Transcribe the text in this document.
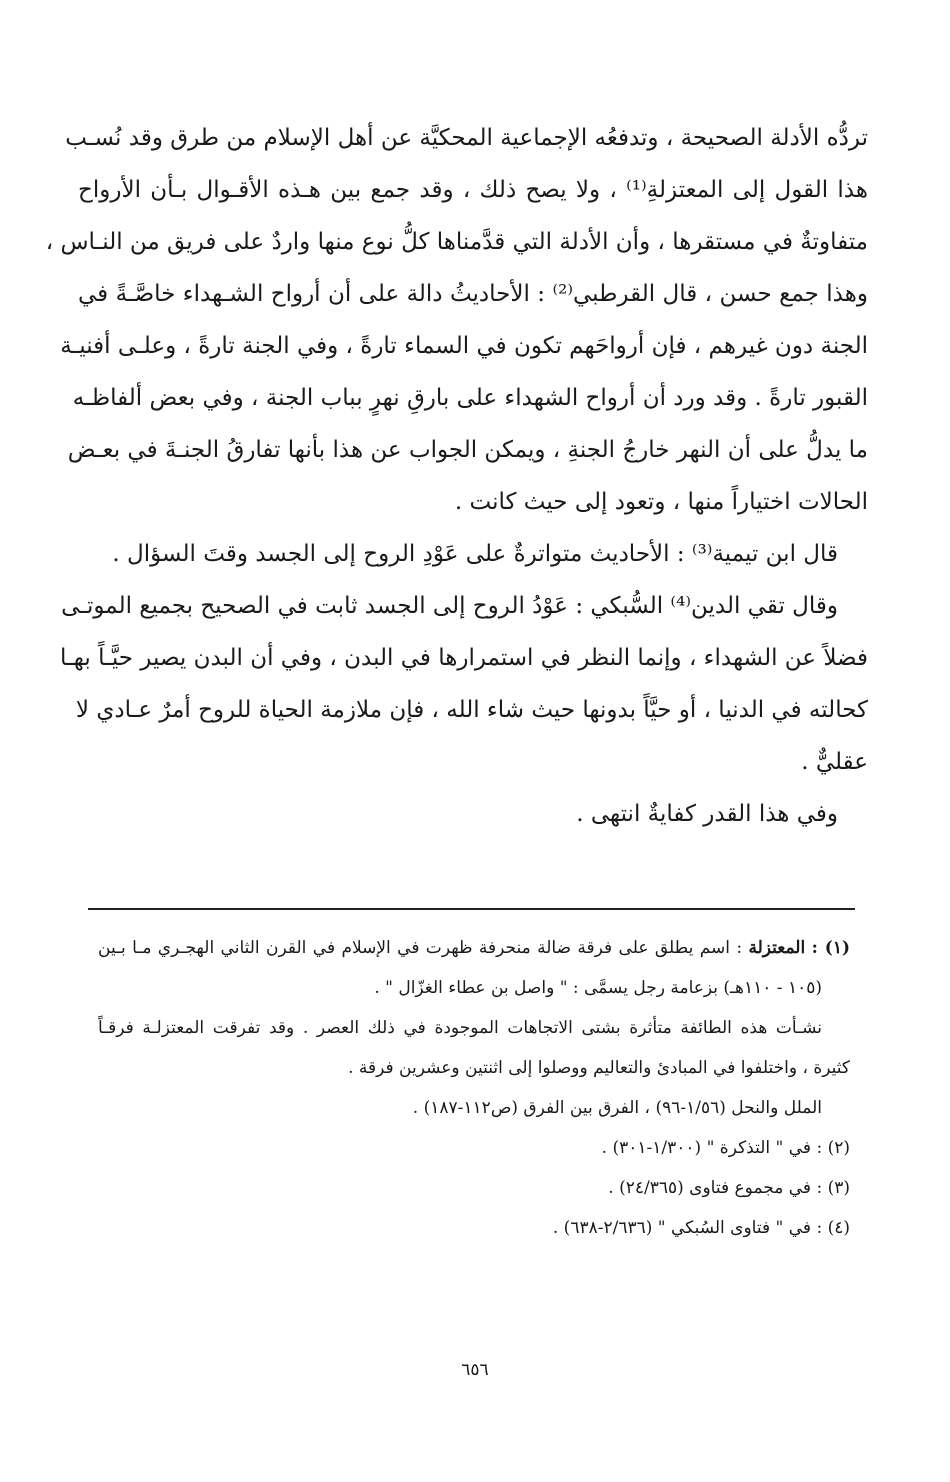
تردُّه الأدلة الصحيحة ، وتدفعُه الإجماعية المحكيَّة عن أهل الإسلام من طرق وقد نُسـب
هذا القول إلى المعتزلةِ⁽¹⁾ ، ولا يصح ذلك ، وقد جمع بين هـذه الأقـوال بـأن الأرواح
متفاوتةٌ في مستقرها ، وأن الأدلة التي قدَّمناها كلُّ نوع منها واردٌ على فريق من النـاس ،
وهذا جمع حسن ، قال القرطبي⁽²⁾ : الأحاديثُ دالة على أن أرواح الشـهداء خاصَّـةً في
الجنة دون غيرهم ، فإن أرواحَهم تكون في السماء تارةً ، وفي الجنة تارةً ، وعلـى أفنيـة
القبور تارةً . وقد ورد أن أرواح الشهداء على بارقِ نهرٍ بباب الجنة ، وفي بعض ألفاظـه
ما يدلُّ على أن النهر خارجُ الجنةِ ، ويمكن الجواب عن هذا بأنها تفارقُ الجنـةَ في بعـض
الحالات اختياراً منها ، وتعود إلى حيث كانت .
قال ابن تيمية⁽³⁾ : الأحاديث متواترةٌ على عَوْدِ الروح إلى الجسد وقتَ السؤال .
وقال تقي الدين⁽⁴⁾ السُّبكي : عَوْدُ الروح إلى الجسد ثابت في الصحيح بجميع الموتـى
فضلاً عن الشهداء ، وإنما النظر في استمرارها في البدن ، وفي أن البدن يصير حيَّـاً بهـا
كحالته في الدنيا ، أو حيَّاً بدونها حيث شاء الله ، فإن ملازمة الحياة للروح أمرٌ عـادي لا
عقليٌّ .
وفي هذا القدر كفايةٌ انتهى .
(١) : المعتزلة : اسم يطلق على فرقة ضالة منحرفة ظهرت في الإسلام في القرن الثاني الهجـري مـا بـين
(١٠٥ - ١١٠هـ) بزعامة رجل يسمَّى : " واصل بن عطاء الغزّال " .
نشـأت هذه الطائفة متأثرة بشتى الاتجاهات الموجودة في ذلك العصر . وقد تفرقت المعتزلـة فرقـاً
كثيرة ، واختلفوا في المبادئ والتعاليم ووصلوا إلى اثنتين وعشرين فرقة .
الملل والنحل (١/٥٦-٩٦) ، الفرق بين الفرق (ص١١٢-١٨٧) .
(٢) : في " التذكرة " (١/٣٠٠-٣٠١) .
(٣) : في مجموع فتاوى (٢٤/٣٦٥) .
(٤) : في " فتاوى السُبكي " (٢/٦٣٦-٦٣٨) .
٦٥٦
